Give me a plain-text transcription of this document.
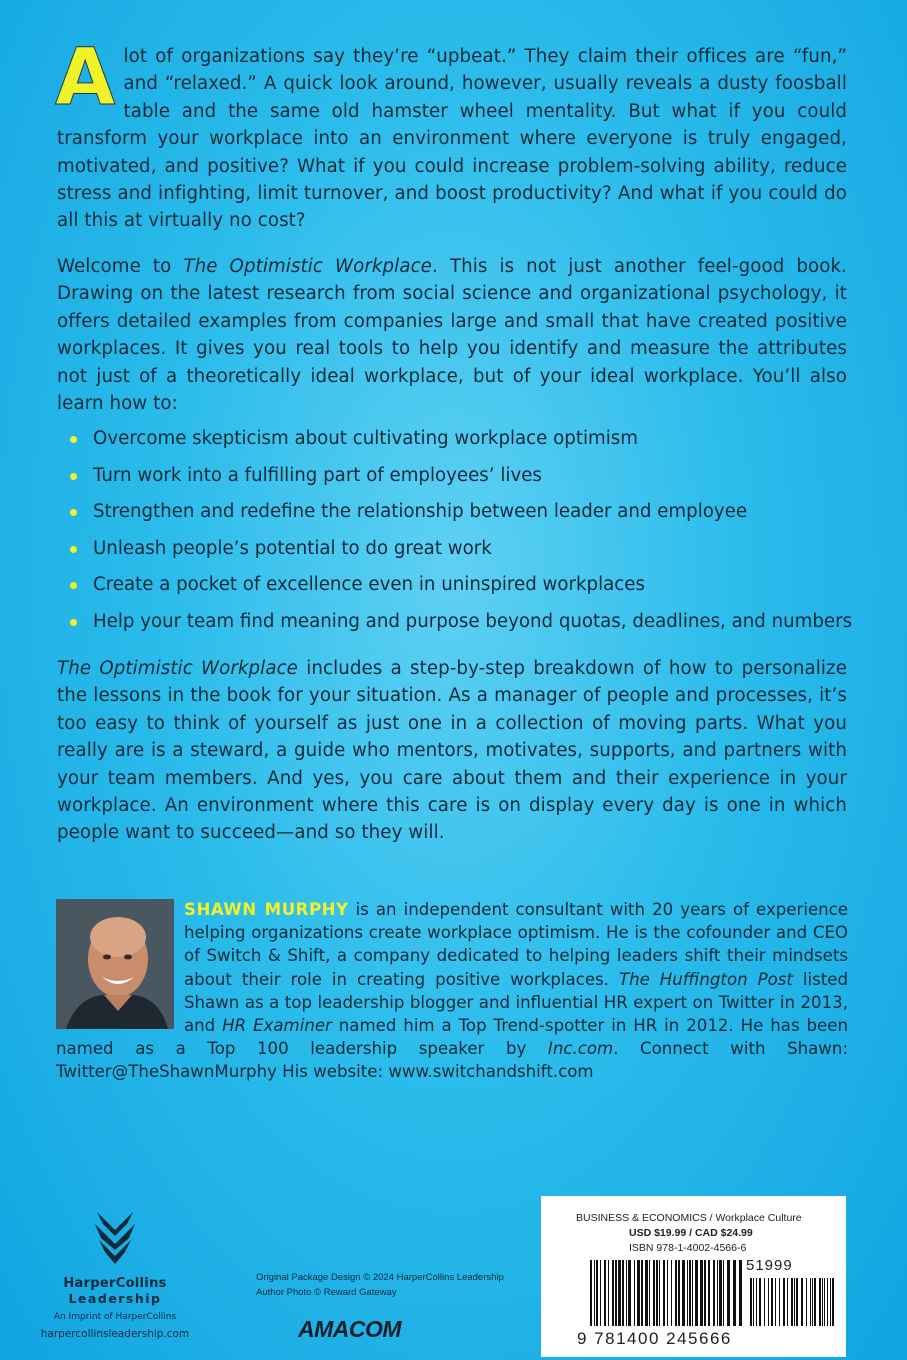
A lot of organizations say they’re “upbeat.” They claim their offices are “fun,” and “relaxed.” A quick look around, however, usually reveals a dusty foosball table and the same old hamster wheel mentality. But what if you could transform your workplace into an environment where everyone is truly engaged, motivated, and positive? What if you could increase problem-solving ability, reduce stress and infighting, limit turnover, and boost productivity? And what if you could do all this at virtually no cost?

Welcome to The Optimistic Workplace. This is not just another feel-good book. Drawing on the latest research from social science and organizational psychology, it offers detailed examples from companies large and small that have created positive workplaces. It gives you real tools to help you identify and measure the attributes not just of a theoretically ideal workplace, but of your ideal workplace. You’ll also learn how to:

Overcome skepticism about cultivating workplace optimism
Turn work into a fulfilling part of employees’ lives
Strengthen and redefine the relationship between leader and employee
Unleash people’s potential to do great work
Create a pocket of excellence even in uninspired workplaces
Help your team find meaning and purpose beyond quotas, deadlines, and numbers

The Optimistic Workplace includes a step-by-step breakdown of how to personalize the lessons in the book for your situation. As a manager of people and processes, it’s too easy to think of yourself as just one in a collection of moving parts. What you really are is a steward, a guide who mentors, motivates, supports, and partners with your team members. And yes, you care about them and their experience in your workplace. An environment where this care is on display every day is one in which people want to succeed—and so they will.

SHAWN MURPHY is an independent consultant with 20 years of experience helping organizations create workplace optimism. He is the cofounder and CEO of Switch & Shift, a company dedicated to helping leaders shift their mindsets about their role in creating positive workplaces. The Huffington Post listed Shawn as a top leadership blogger and influential HR expert on Twitter in 2013, and HR Examiner named him a Top Trend-spotter in HR in 2012. He has been named as a Top 100 leadership speaker by Inc.com. Connect with Shawn: Twitter@TheShawnMurphy His website: www.switchandshift.com

HarperCollins
Leadership
An Imprint of HarperCollins
harpercollinsleadership.com
Original Package Design © 2024 HarperCollins Leadership
Author Photo © Reward Gateway
AMACOM
BUSINESS & ECONOMICS / Workplace Culture
USD $19.99 / CAD $24.99
ISBN 978-1-4002-4566-6
51999
9 781400 245666
